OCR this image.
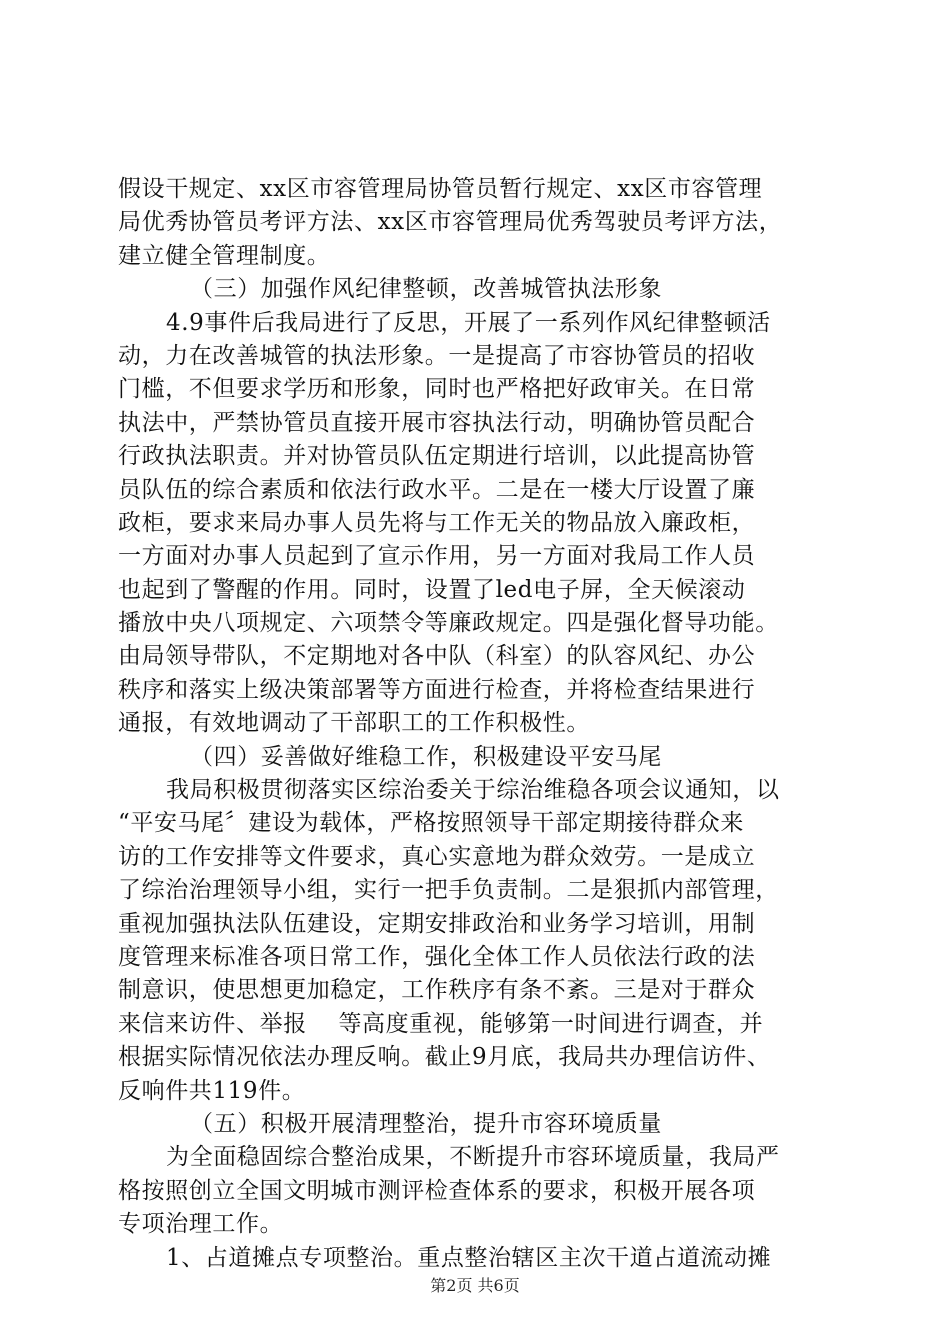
假设干规定、xx区市容管理局协管员暂行规定、xx区市容管理
局优秀协管员考评方法、xx区市容管理局优秀驾驶员考评方法，
建立健全管理制度。
（三）加强作风纪律整顿，改善城管执法形象
4.9事件后我局进行了反思，开展了一系列作风纪律整顿活
动，力在改善城管的执法形象。一是提高了市容协管员的招收
门槛，不但要求学历和形象，同时也严格把好政审关。在日常
执法中，严禁协管员直接开展市容执法行动，明确协管员配合
行政执法职责。并对协管员队伍定期进行培训，以此提高协管
员队伍的综合素质和依法行政水平。二是在一楼大厅设置了廉
政柜，要求来局办事人员先将与工作无关的物品放入廉政柜，
一方面对办事人员起到了宣示作用，另一方面对我局工作人员
也起到了警醒的作用。同时，设置了led电子屏，全天候滚动
播放中央八项规定、六项禁令等廉政规定。四是强化督导功能。
由局领导带队，不定期地对各中队（科室）的队容风纪、办公
秩序和落实上级决策部署等方面进行检查，并将检查结果进行
通报，有效地调动了干部职工的工作积极性。
（四）妥善做好维稳工作，积极建设平安马尾
我局积极贯彻落实区综治委关于综治维稳各项会议通知，以
“平安马尾〞建设为载体，严格按照领导干部定期接待群众来
访的工作安排等文件要求，真心实意地为群众效劳。一是成立
了综治治理领导小组，实行一把手负责制。二是狠抓内部管理，
重视加强执法队伍建设，定期安排政治和业务学习培训，用制
度管理来标准各项日常工作，强化全体工作人员依法行政的法
制意识，使思想更加稳定，工作秩序有条不紊。三是对于群众
来信来访件、举报    等高度重视，能够第一时间进行调查，并
根据实际情况依法办理反响。截止9月底，我局共办理信访件、
反响件共119件。
（五）积极开展清理整治，提升市容环境质量
为全面稳固综合整治成果，不断提升市容环境质量，我局严
格按照创立全国文明城市测评检查体系的要求，积极开展各项
专项治理工作。
1、占道摊点专项整治。重点整治辖区主次干道占道流动摊
第2页 共6页
